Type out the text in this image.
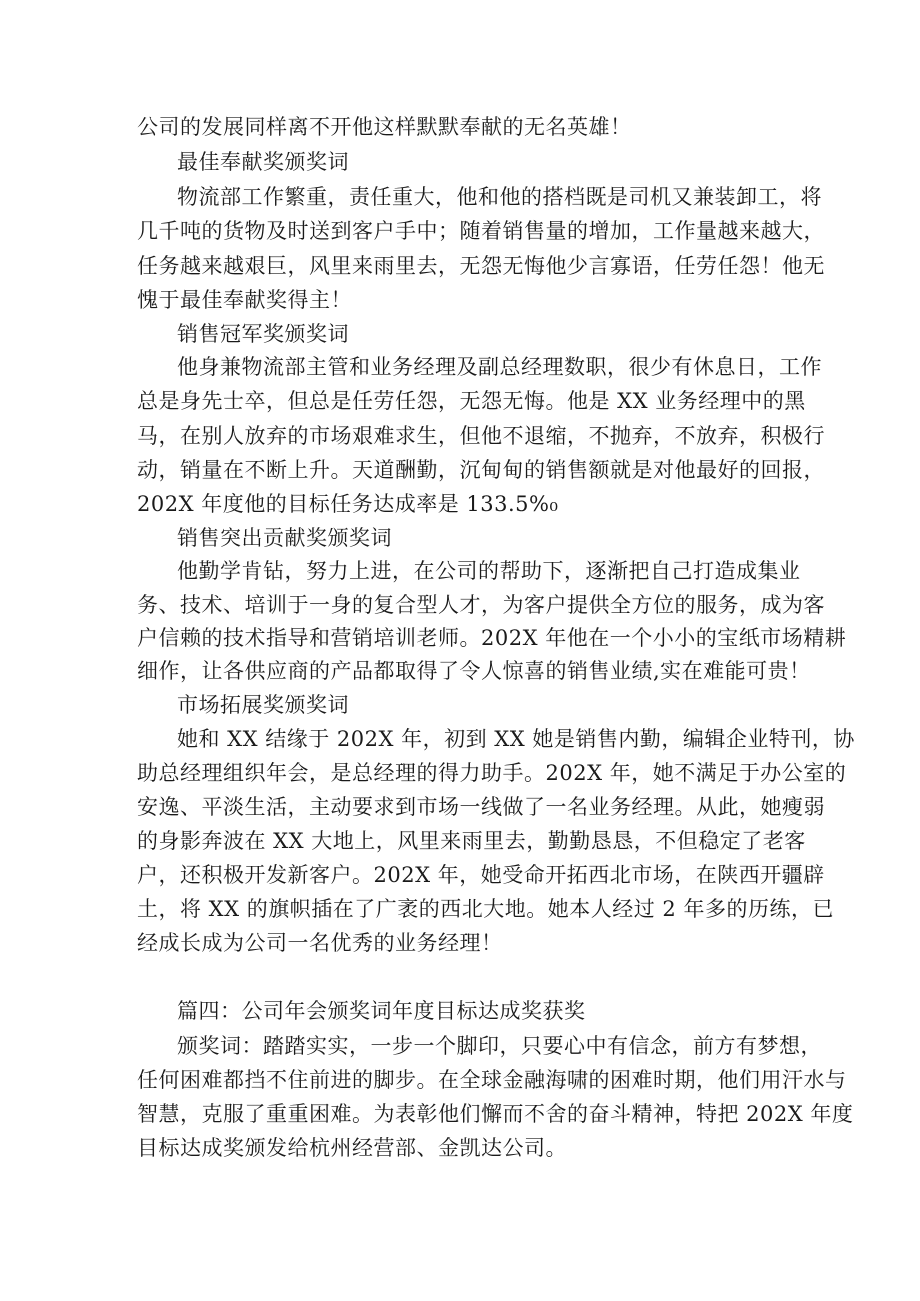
公司的发展同样离不开他这样默默奉献的无名英雄！
最佳奉献奖颁奖词
物流部工作繁重，责任重大，他和他的搭档既是司机又兼装卸工，将
几千吨的货物及时送到客户手中；随着销售量的增加，工作量越来越大，
任务越来越艰巨，风里来雨里去，无怨无悔他少言寡语，任劳任怨！他无
愧于最佳奉献奖得主！
销售冠军奖颁奖词
他身兼物流部主管和业务经理及副总经理数职，很少有休息日，工作
总是身先士卒，但总是任劳任怨，无怨无悔。他是 XX 业务经理中的黑
马，在别人放弃的市场艰难求生，但他不退缩，不抛弃，不放弃，积极行
动，销量在不断上升。天道酬勤，沉甸甸的销售额就是对他最好的回报，
202X 年度他的目标任务达成率是 133.5%₀
销售突出贡献奖颁奖词
他勤学肯钻，努力上进，在公司的帮助下，逐渐把自己打造成集业
务、技术、培训于一身的复合型人才，为客户提供全方位的服务，成为客
户信赖的技术指导和营销培训老师。202X 年他在一个小小的宝纸市场精耕
细作，让各供应商的产品都取得了令人惊喜的销售业绩,实在难能可贵！
市场拓展奖颁奖词
她和 XX 结缘于 202X 年，初到 XX 她是销售内勤，编辑企业特刊，协
助总经理组织年会，是总经理的得力助手。202X 年，她不满足于办公室的
安逸、平淡生活，主动要求到市场一线做了一名业务经理。从此，她瘦弱
的身影奔波在 XX 大地上，风里来雨里去，勤勤恳恳，不但稳定了老客
户，还积极开发新客户。202X 年，她受命开拓西北市场，在陕西开疆辟
土，将 XX 的旗帜插在了广袤的西北大地。她本人经过 2 年多的历练，已
经成长成为公司一名优秀的业务经理！
篇四：公司年会颁奖词年度目标达成奖获奖
颁奖词：踏踏实实，一步一个脚印，只要心中有信念，前方有梦想，
任何困难都挡不住前进的脚步。在全球金融海啸的困难时期，他们用汗水与
智慧，克服了重重困难。为表彰他们懈而不舍的奋斗精神，特把 202X 年度
目标达成奖颁发给杭州经营部、金凯达公司。
